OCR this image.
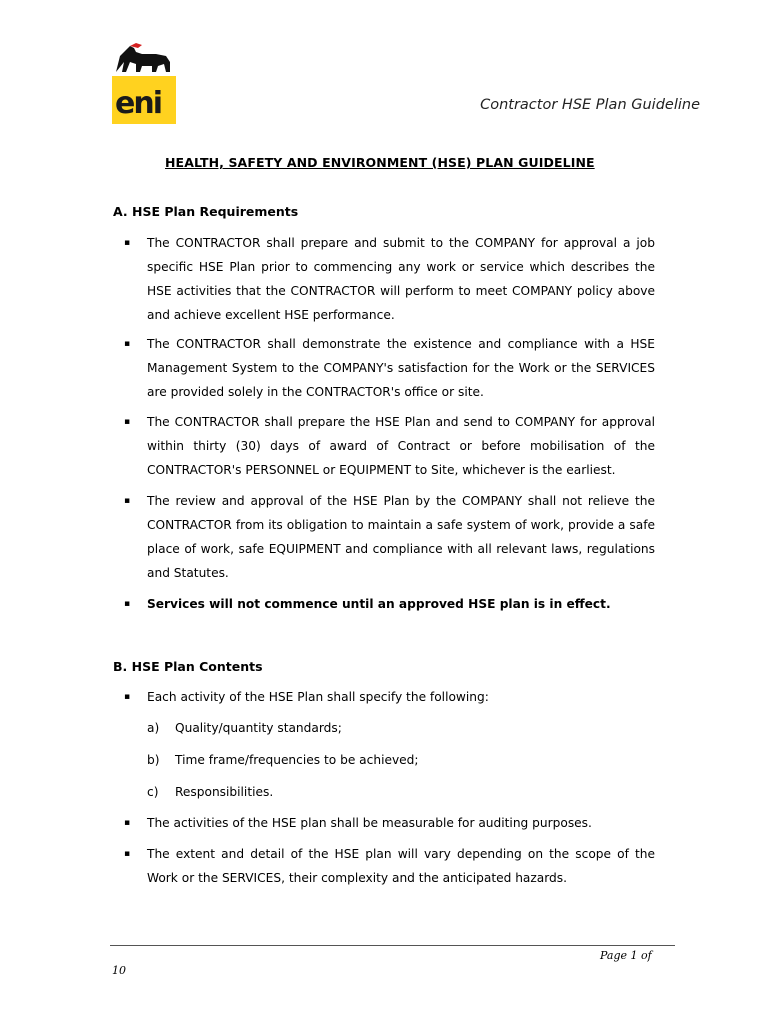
eni	Contractor HSE Plan Guideline
HEALTH, SAFETY AND ENVIRONMENT (HSE) PLAN GUIDELINE
A. HSE Plan Requirements
▪ The CONTRACTOR shall prepare and submit to the COMPANY for approval a job specific HSE Plan prior to commencing any work or service which describes the HSE activities that the CONTRACTOR will perform to meet COMPANY policy above and achieve excellent HSE performance.
▪ The CONTRACTOR shall demonstrate the existence and compliance with a HSE Management System to the COMPANY's satisfaction for the Work or the SERVICES are provided solely in the CONTRACTOR's office or site.
▪ The CONTRACTOR shall prepare the HSE Plan and send to COMPANY for approval within thirty (30) days of award of Contract or before mobilisation of the CONTRACTOR's PERSONNEL or EQUIPMENT to Site, whichever is the earliest.
▪ The review and approval of the HSE Plan by the COMPANY shall not relieve the CONTRACTOR from its obligation to maintain a safe system of work, provide a safe place of work, safe EQUIPMENT and compliance with all relevant laws, regulations and Statutes.
▪ Services will not commence until an approved HSE plan is in effect.
B. HSE Plan Contents
▪ Each activity of the HSE Plan shall specify the following:
a) Quality/quantity standards;
b) Time frame/frequencies to be achieved;
c) Responsibilities.
▪ The activities of the HSE plan shall be measurable for auditing purposes.
▪ The extent and detail of the HSE plan will vary depending on the scope of the Work or the SERVICES, their complexity and the anticipated hazards.
Page 1 of
10
